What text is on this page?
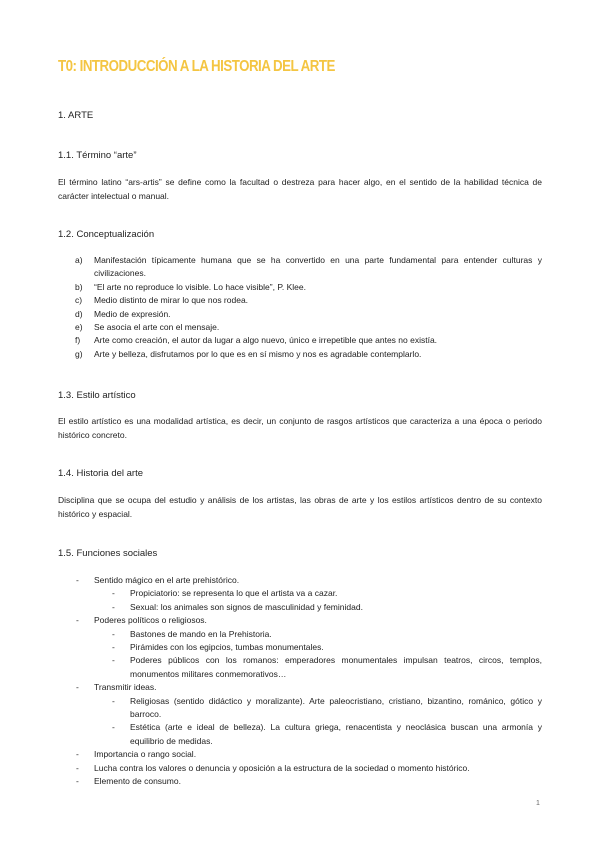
T0: INTRODUCCIÓN A LA HISTORIA DEL ARTE
1. ARTE
1.1. Término “arte”
El término latino “ars-artis” se define como la facultad o destreza para hacer algo, en el sentido de la habilidad técnica de carácter intelectual o manual.
1.2. Conceptualización
a) Manifestación típicamente humana que se ha convertido en una parte fundamental para entender culturas y civilizaciones.
b) “El arte no reproduce lo visible. Lo hace visible”, P. Klee.
c) Medio distinto de mirar lo que nos rodea.
d) Medio de expresión.
e) Se asocia el arte con el mensaje.
f) Arte como creación, el autor da lugar a algo nuevo, único e irrepetible que antes no existía.
g) Arte y belleza, disfrutamos por lo que es en sí mismo y nos es agradable contemplarlo.
1.3. Estilo artístico
El estilo artístico es una modalidad artística, es decir, un conjunto de rasgos artísticos que caracteriza a una época o periodo histórico concreto.
1.4. Historia del arte
Disciplina que se ocupa del estudio y análisis de los artistas, las obras de arte y los estilos artísticos dentro de su contexto histórico y espacial.
1.5. Funciones sociales
- Sentido mágico en el arte prehistórico.
- Propiciatorio: se representa lo que el artista va a cazar.
- Sexual: los animales son signos de masculinidad y feminidad.
- Poderes políticos o religiosos.
- Bastones de mando en la Prehistoria.
- Pirámides con los egipcios, tumbas monumentales.
- Poderes públicos con los romanos: emperadores monumentales impulsan teatros, circos, templos, monumentos militares conmemorativos…
- Transmitir ideas.
- Religiosas (sentido didáctico y moralizante). Arte paleocristiano, cristiano, bizantino, románico, gótico y barroco.
- Estética (arte e ideal de belleza). La cultura griega, renacentista y neoclásica buscan una armonía y equilibrio de medidas.
- Importancia o rango social.
- Lucha contra los valores o denuncia y oposición a la estructura de la sociedad o momento histórico.
- Elemento de consumo.
1
